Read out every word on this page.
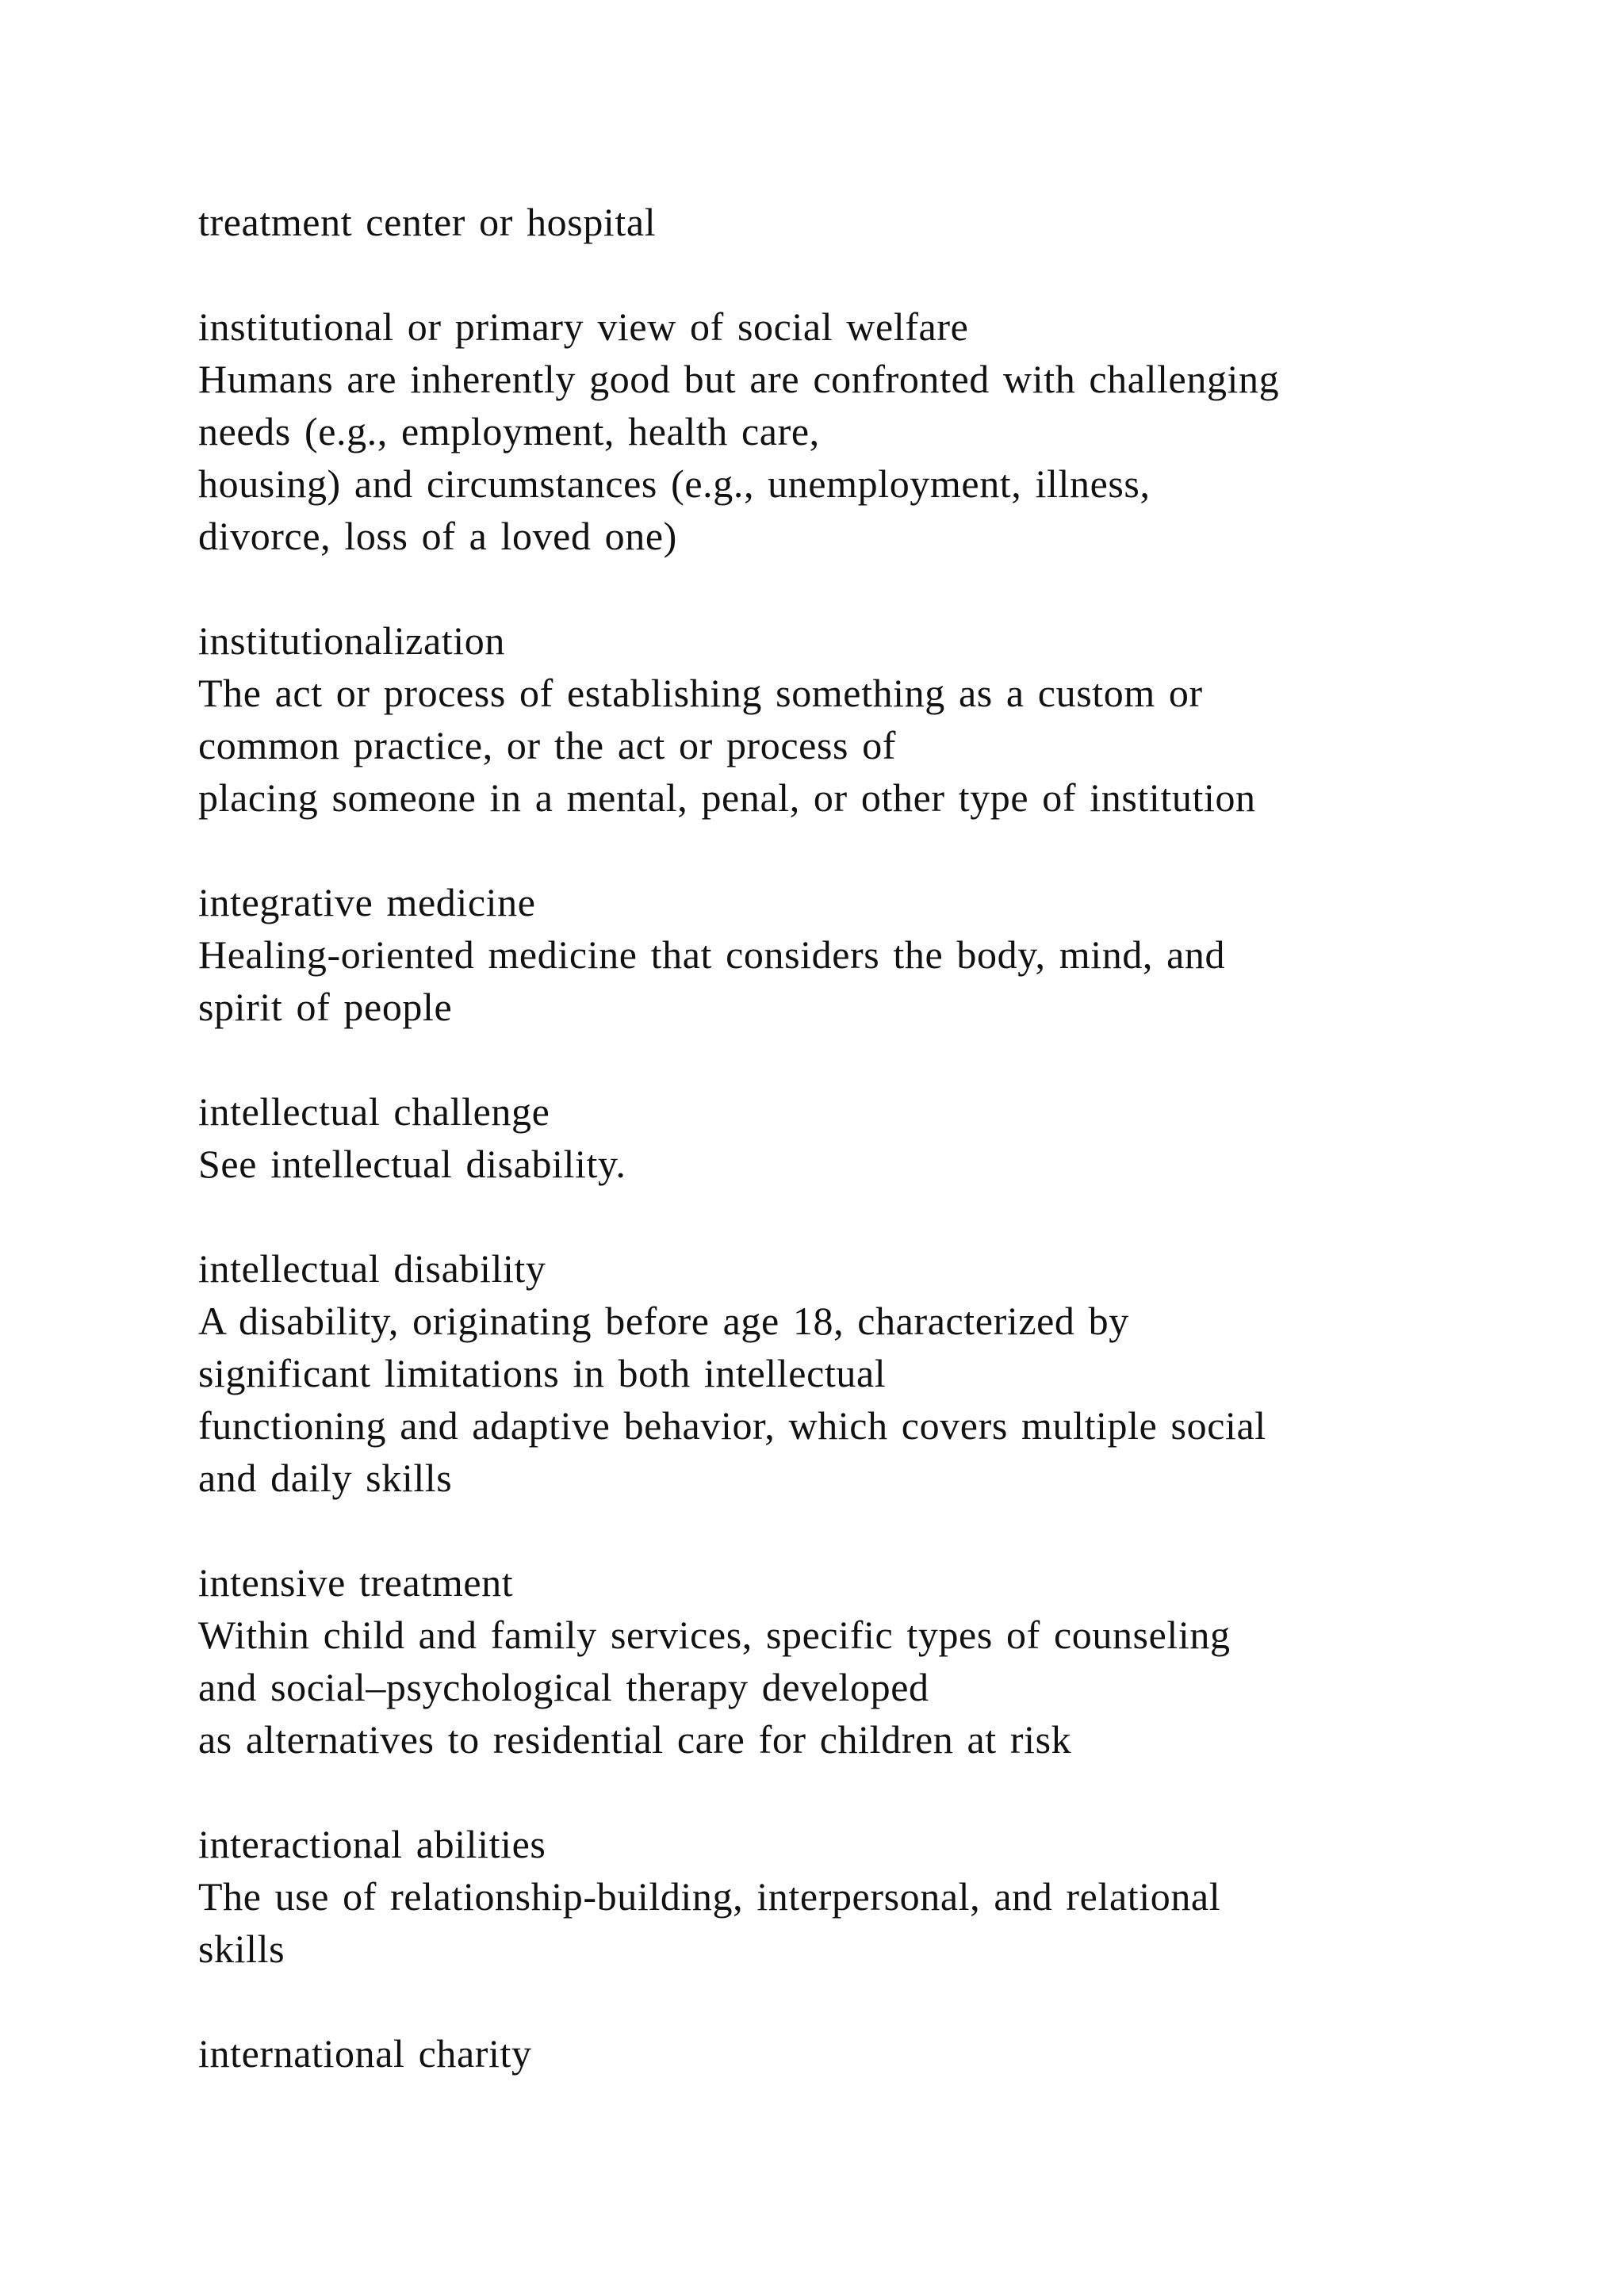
treatment center or hospital
institutional or primary view of social welfare
Humans are inherently good but are confronted with challenging
needs (e.g., employment, health care,
housing) and circumstances (e.g., unemployment, illness,
divorce, loss of a loved one)
institutionalization
The act or process of establishing something as a custom or
common practice, or the act or process of
placing someone in a mental, penal, or other type of institution
integrative medicine
Healing-oriented medicine that considers the body, mind, and
spirit of people
intellectual challenge
See intellectual disability.
intellectual disability
A disability, originating before age 18, characterized by
significant limitations in both intellectual
functioning and adaptive behavior, which covers multiple social
and daily skills
intensive treatment
Within child and family services, specific types of counseling
and social–psychological therapy developed
as alternatives to residential care for children at risk
interactional abilities
The use of relationship-building, interpersonal, and relational
skills
international charity
